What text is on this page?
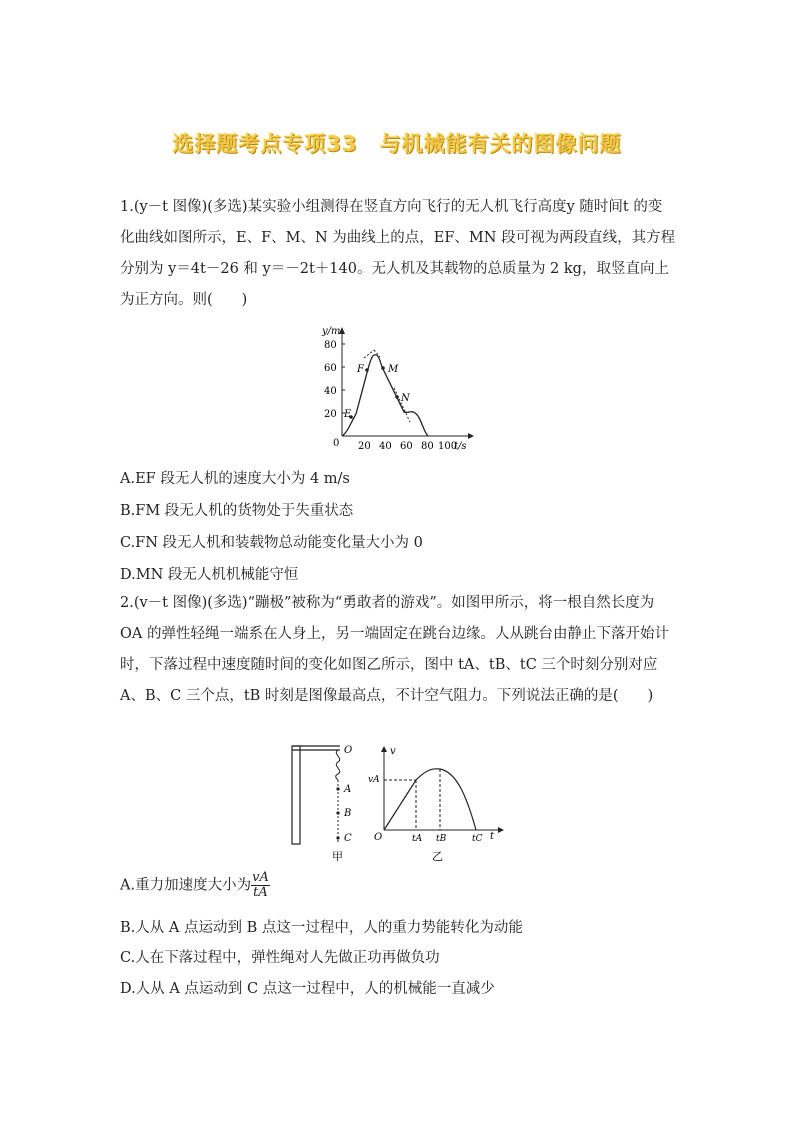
选择题考点专项33　与机械能有关的图像问题
1.(y－t 图像)(多选)某实验小组测得在竖直方向飞行的无人机飞行高度y 随时间t 的变化曲线如图所示，E、F、M、N 为曲线上的点，EF、MN 段可视为两段直线，其方程分别为 y＝4t－26 和 y＝－2t＋140。无人机及其载物的总质量为 2 kg，取竖直向上为正方向。则(　　)
y/m
t/s
0
80
60
40
20
20 40 60 80 100
E
F M
N
A.EF 段无人机的速度大小为 4 m/s
B.FM 段无人机的货物处于失重状态
C.FN 段无人机和装载物总动能变化量大小为 0
D.MN 段无人机机械能守恒
2.(v－t 图像)(多选)“蹦极”被称为“勇敢者的游戏”。如图甲所示，将一根自然长度为 OA 的弹性轻绳一端系在人身上，另一端固定在跳台边缘。人从跳台由静止下落开始计时，下落过程中速度随时间的变化如图乙所示，图中 tA、tB、tC 三个时刻分别对应 A、B、C 三个点，tB 时刻是图像最高点，不计空气阻力。下列说法正确的是(　　)
O
A
B
C
甲
v
vA
O	tA tB	tC t
乙
A.重力加速度大小为 $\frac{vA}{tA}$
B.人从 A 点运动到 B 点这一过程中，人的重力势能转化为动能
C.人在下落过程中，弹性绳对人先做正功再做负功
D.人从 A 点运动到 C 点这一过程中，人的机械能一直减少
